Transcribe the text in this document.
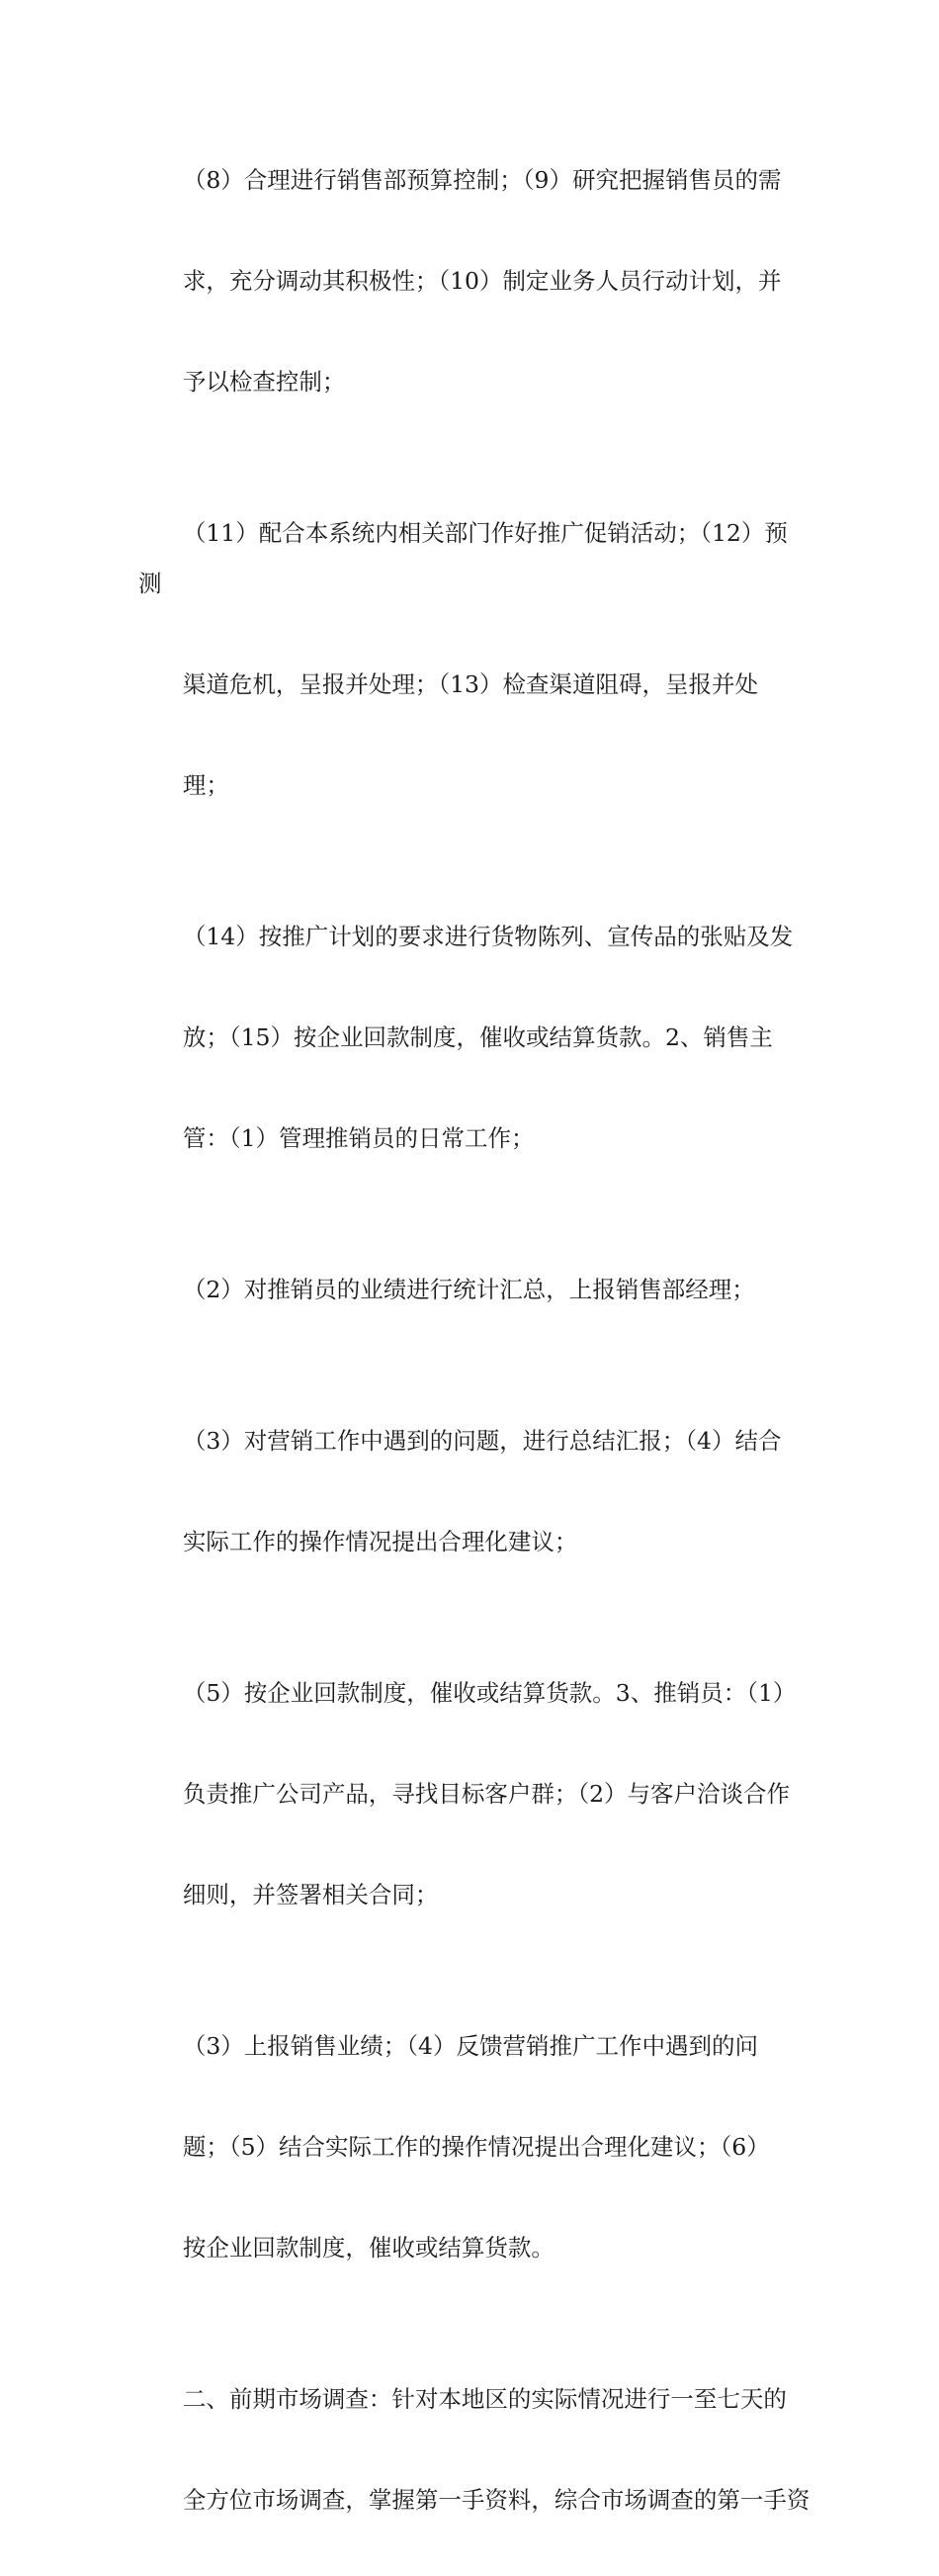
（8）合理进行销售部预算控制；（9）研究把握销售员的需

求，充分调动其积极性；（10）制定业务人员行动计划，并

予以检查控制；

（11）配合本系统内相关部门作好推广促销活动；（12）预测

渠道危机，呈报并处理；（13）检查渠道阻碍，呈报并处

理；

（14）按推广计划的要求进行货物陈列、宣传品的张贴及发

放；（15）按企业回款制度，催收或结算货款。2、销售主

管：（1）管理推销员的日常工作；

（2）对推销员的业绩进行统计汇总，上报销售部经理；

（3）对营销工作中遇到的问题，进行总结汇报；（4）结合

实际工作的操作情况提出合理化建议；

（5）按企业回款制度，催收或结算货款。3、推销员：（1）

负责推广公司产品，寻找目标客户群；（2）与客户洽谈合作

细则，并签署相关合同；

（3）上报销售业绩；（4）反馈营销推广工作中遇到的问

题；（5）结合实际工作的操作情况提出合理化建议；（6）

按企业回款制度，催收或结算货款。

二、前期市场调查：针对本地区的实际情况进行一至七天的

全方位市场调查，掌握第一手资料，综合市场调查的第一手资
